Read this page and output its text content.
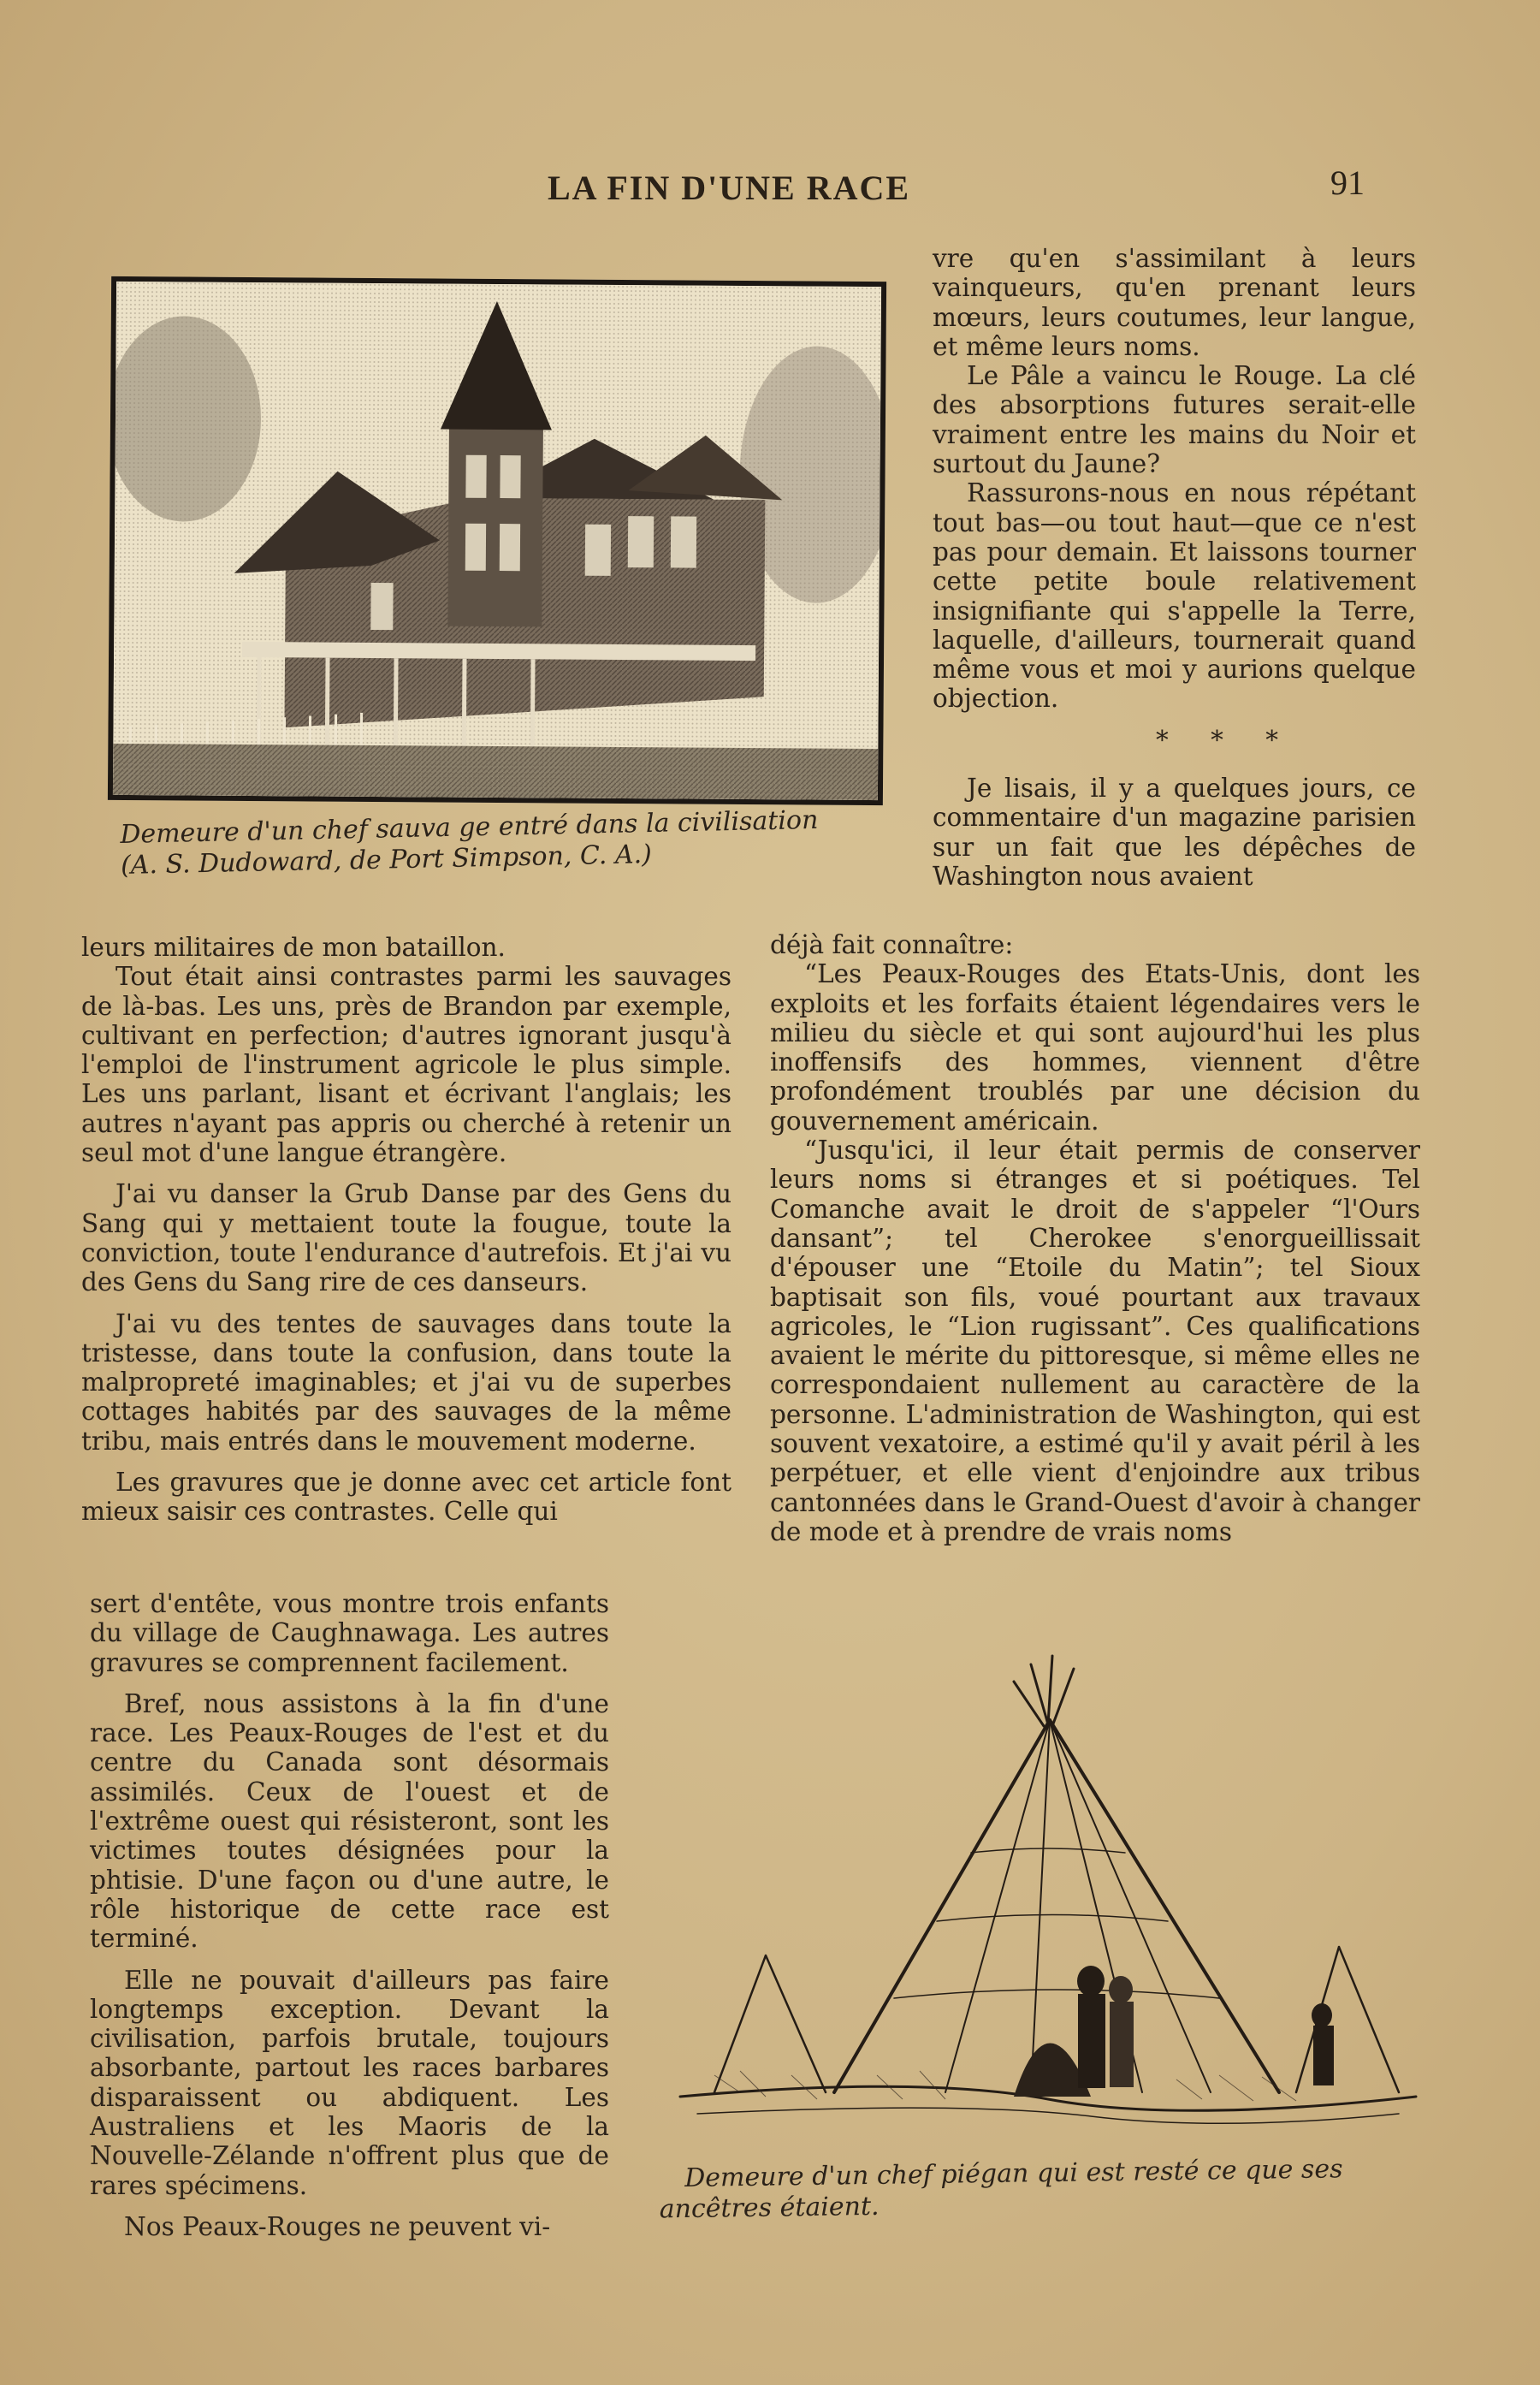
LA FIN D'UNE RACE	91
Demeure d'un chef sauva ge entré dans la civilisation
(A. S. Dudoward, de Port Simpson, C. A.)

vre qu'en s'assimilant à leurs vainqueurs, qu'en prenant leurs mœurs, leurs coutumes, leur langue, et même leurs noms.

Le Pâle a vaincu le Rouge. La clé des absorptions futures serait-elle vraiment entre les mains du Noir et surtout du Jaune?

Rassurons-nous en nous répétant tout bas—ou tout haut—que ce n'est pas pour demain. Et laissons tourner cette petite boule relativement insignifiante qui s'appelle la Terre, laquelle, d'ailleurs, tournerait quand même vous et moi y aurions quelque objection.

* * *

Je lisais, il y a quelques jours, ce commentaire d'un magazine parisien sur un fait que les dépêches de Washington nous avaient

déjà fait connaître:

“Les Peaux-Rouges des Etats-Unis, dont les exploits et les forfaits étaient légendaires vers le milieu du siècle et qui sont aujourd'hui les plus inoffensifs des hommes, viennent d'être profondément troublés par une décision du gouvernement américain.

“Jusqu'ici, il leur était permis de conserver leurs noms si étranges et si poétiques. Tel Comanche avait le droit de s'appeler “l'Ours dansant”; tel Cherokee s'enorgueillissait d'épouser une “Etoile du Matin”; tel Sioux baptisait son fils, voué pourtant aux travaux agricoles, le “Lion rugissant”. Ces qualifications avaient le mérite du pittoresque, si même elles ne correspondaient nullement au caractère de la personne. L'administration de Washington, qui est souvent vexatoire, a estimé qu'il y avait péril à les perpétuer, et elle vient d'enjoindre aux tribus cantonnées dans le Grand-Ouest d'avoir à changer de mode et à prendre de vrais noms

leurs militaires de mon bataillon.

Tout était ainsi contrastes parmi les sauvages de là-bas. Les uns, près de Brandon par exemple, cultivant en perfection; d'autres ignorant jusqu'à l'emploi de l'instrument agricole le plus simple. Les uns parlant, lisant et écrivant l'anglais; les autres n'ayant pas appris ou cherché à retenir un seul mot d'une langue étrangère.

J'ai vu danser la Grub Danse par des Gens du Sang qui y mettaient toute la fougue, toute la conviction, toute l'endurance d'autrefois. Et j'ai vu des Gens du Sang rire de ces danseurs.

J'ai vu des tentes de sauvages dans toute la tristesse, dans toute la confusion, dans toute la malpropreté imaginables; et j'ai vu de superbes cottages habités par des sauvages de la même tribu, mais entrés dans le mouvement moderne.

Les gravures que je donne avec cet article font mieux saisir ces contrastes. Celle qui

sert d'entête, vous montre trois enfants du village de Caughnawaga. Les autres gravures se comprennent facilement.

Bref, nous assistons à la fin d'une race. Les Peaux-Rouges de l'est et du centre du Canada sont désormais assimilés. Ceux de l'ouest et de l'extrême ouest qui résisteront, sont les victimes toutes désignées pour la phtisie. D'une façon ou d'une autre, le rôle historique de cette race est terminé.

Elle ne pouvait d'ailleurs pas faire longtemps exception. Devant la civilisation, parfois brutale, toujours absorbante, partout les races barbares disparaissent ou abdiquent. Les Australiens et les Maoris de la Nouvelle-Zélande n'offrent plus que de rares spécimens.

Nos Peaux-Rouges ne peuvent vi-

Demeure d'un chef piégan qui est resté ce que ses
ancêtres étaient.
